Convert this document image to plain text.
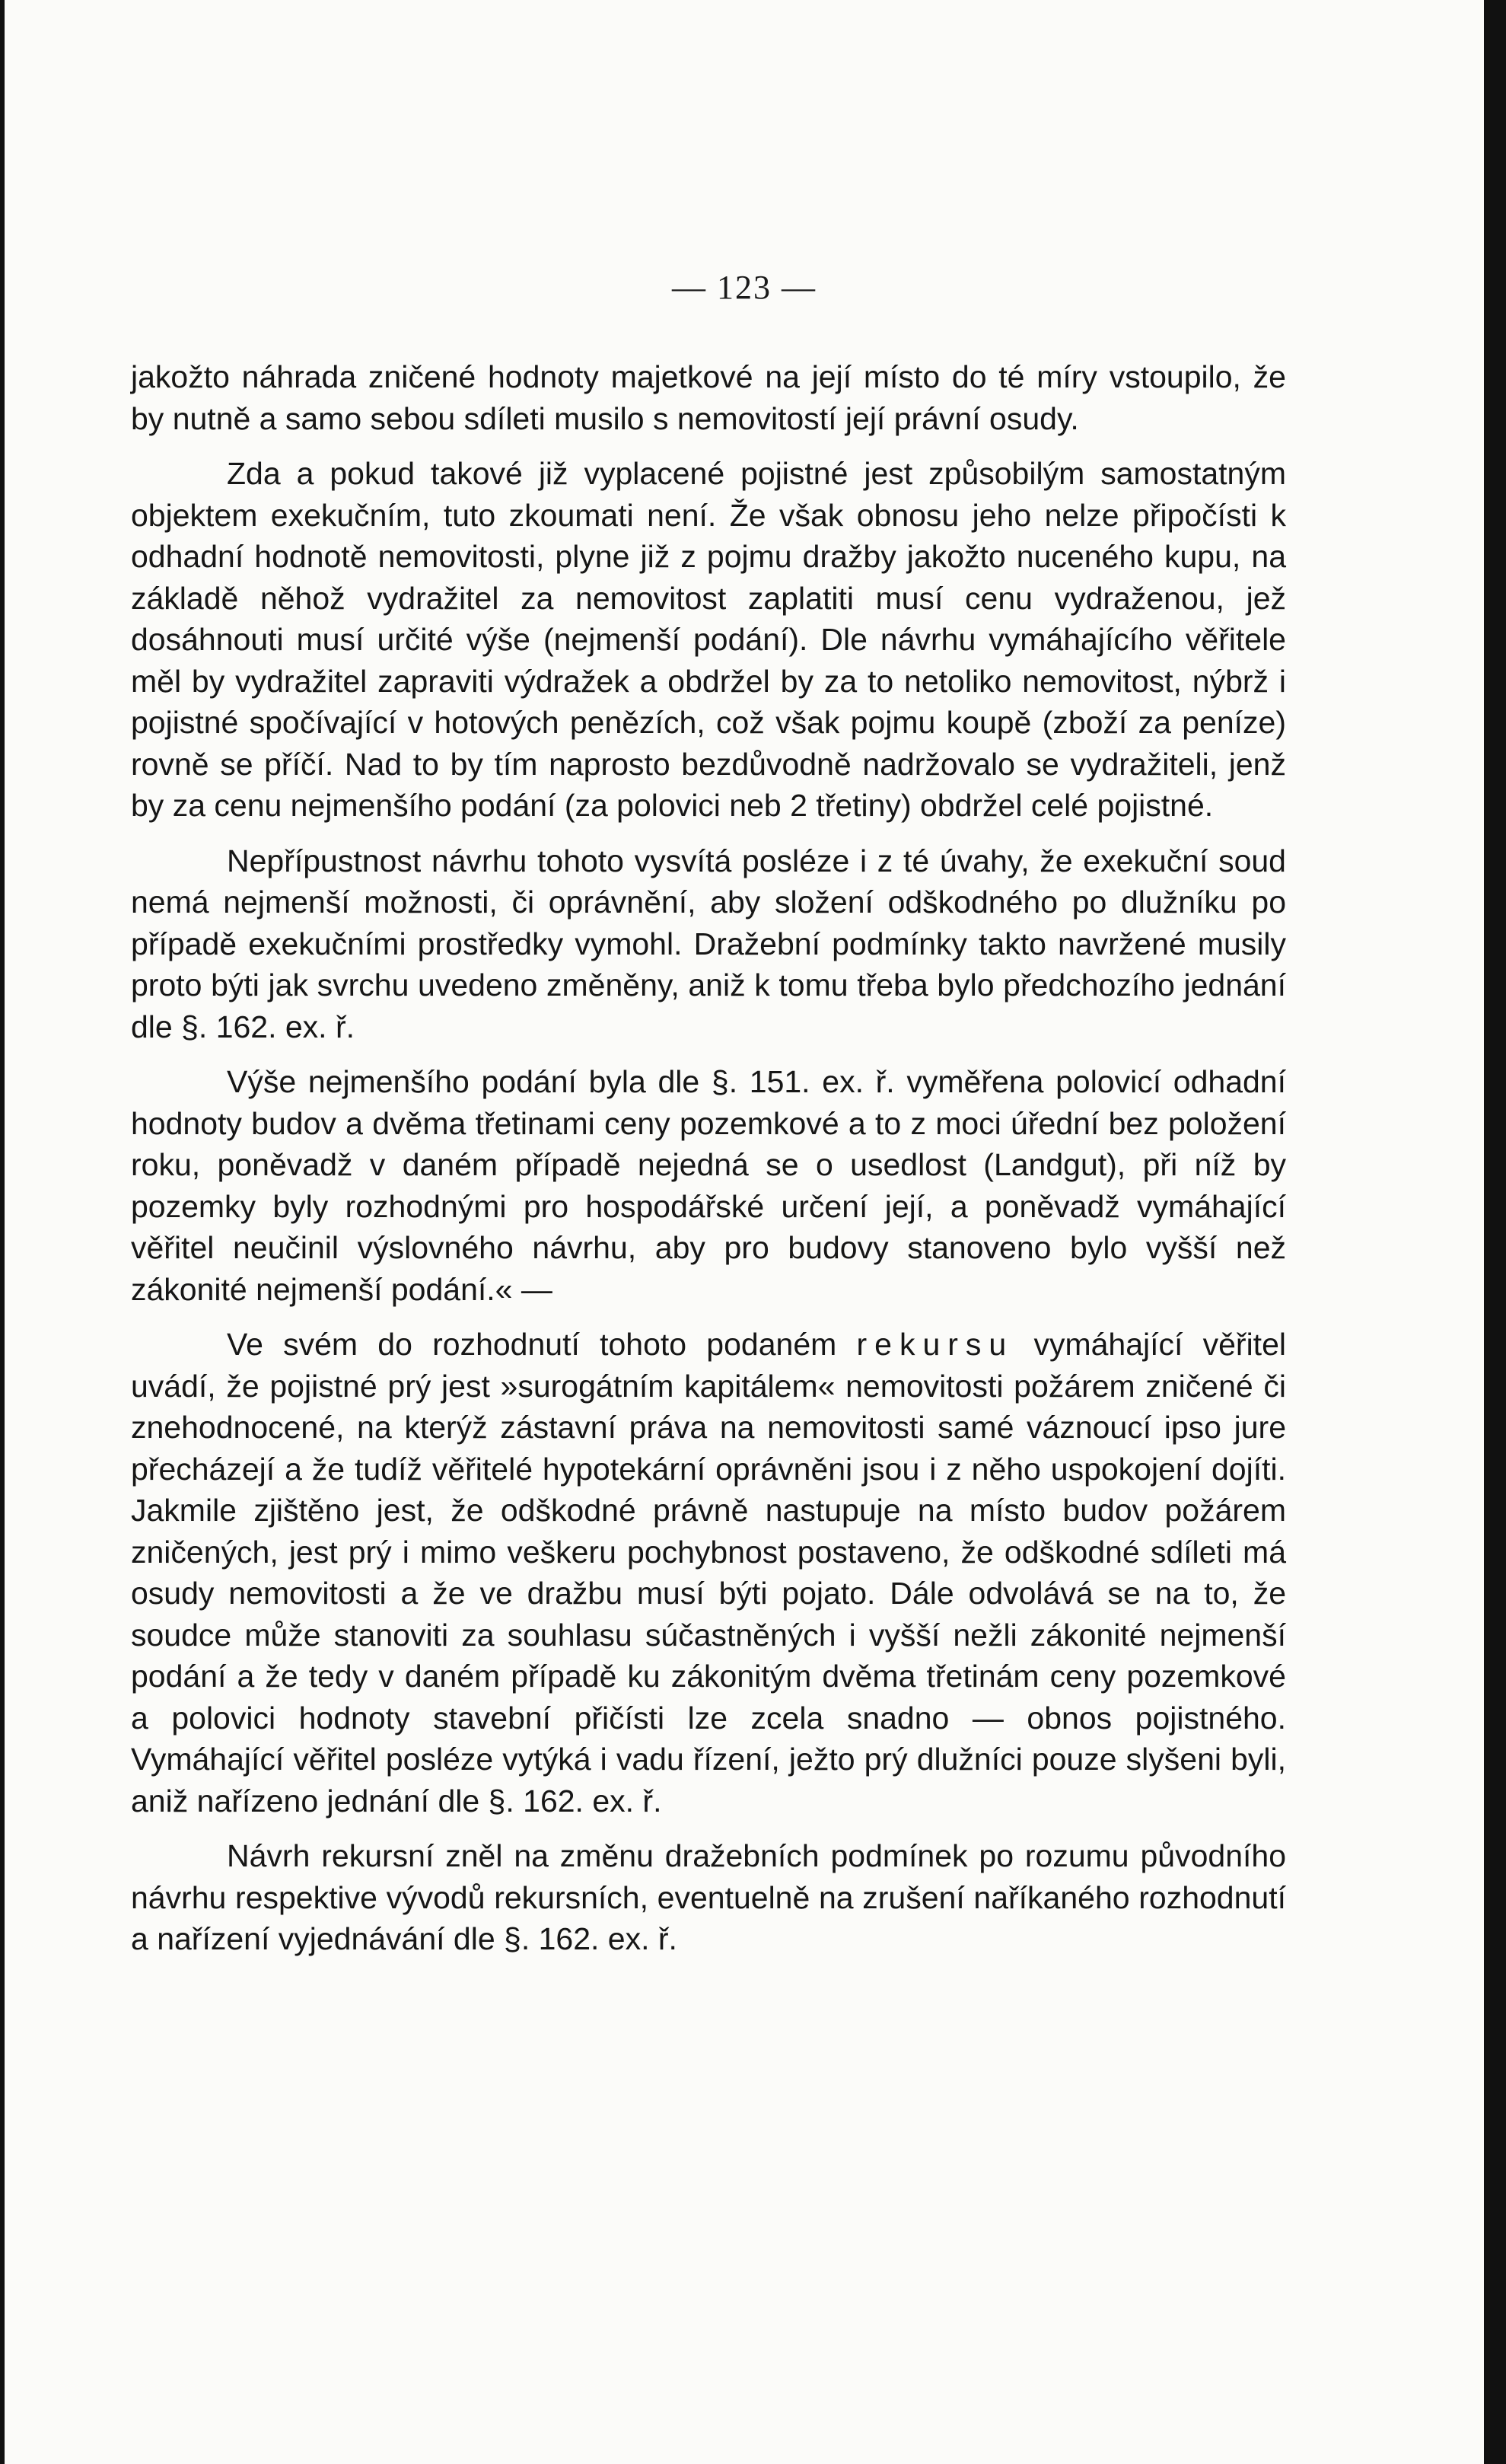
— 123 —

jakožto náhrada zničené hodnoty majetkové na její místo do té míry vstoupilo, že by nutně a samo sebou sdíleti musilo s nemovitostí její právní osudy.

Zda a pokud takové již vyplacené pojistné jest způsobilým samostatným objektem exekučním, tuto zkoumati není. Že však obnosu jeho nelze připočísti k odhadní hodnotě nemovitosti, plyne již z pojmu dražby jakožto nuceného kupu, na základě něhož vydražitel za nemovitost zaplatiti musí cenu vydraženou, jež dosáhnouti musí určité výše (nejmenší podání). Dle návrhu vymáhajícího věřitele měl by vydražitel zapraviti výdražek a obdržel by za to netoliko nemovitost, nýbrž i pojistné spočívající v hotových penězích, což však pojmu koupě (zboží za peníze) rovně se příčí. Nad to by tím naprosto bezdůvodně nadržovalo se vydražiteli, jenž by za cenu nejmenšího podání (za polovici neb 2 třetiny) obdržel celé pojistné.

Nepřípustnost návrhu tohoto vysvítá posléze i z té úvahy, že exekuční soud nemá nejmenší možnosti, či oprávnění, aby složení odškodného po dlužníku po případě exekučními prostředky vymohl. Dražební podmínky takto navržené musily proto býti jak svrchu uvedeno změněny, aniž k tomu třeba bylo předchozího jednání dle §. 162. ex. ř.

Výše nejmenšího podání byla dle §. 151. ex. ř. vyměřena polovicí odhadní hodnoty budov a dvěma třetinami ceny pozemkové a to z moci úřední bez položení roku, poněvadž v daném případě nejedná se o usedlost (Landgut), při níž by pozemky byly rozhodnými pro hospodářské určení její, a poněvadž vymáhající věřitel neučinil výslovného návrhu, aby pro budovy stanoveno bylo vyšší než zákonité nejmenší podání.« —

Ve svém do rozhodnutí tohoto podaném rekursu vymáhající věřitel uvádí, že pojistné prý jest »surogátním kapitálem« nemovitosti požárem zničené či znehodnocené, na kterýž zástavní práva na nemovitosti samé váznoucí ipso jure přecházejí a že tudíž věřitelé hypotekární oprávněni jsou i z něho uspokojení dojíti. Jakmile zjištěno jest, že odškodné právně nastupuje na místo budov požárem zničených, jest prý i mimo veškeru pochybnost postaveno, že odškodné sdíleti má osudy nemovitosti a že ve dražbu musí býti pojato. Dále odvolává se na to, že soudce může stanoviti za souhlasu súčastněných i vyšší nežli zákonité nejmenší podání a že tedy v daném případě ku zákonitým dvěma třetinám ceny pozemkové a polovici hodnoty stavební přičísti lze zcela snadno — obnos pojistného. Vymáhající věřitel posléze vytýká i vadu řízení, ježto prý dlužníci pouze slyšeni byli, aniž nařízeno jednání dle §. 162. ex. ř.

Návrh rekursní zněl na změnu dražebních podmínek po rozumu původního návrhu respektive vývodů rekursních, eventuelně na zrušení naříkaného rozhodnutí a nařízení vyjednávání dle §. 162. ex. ř.
